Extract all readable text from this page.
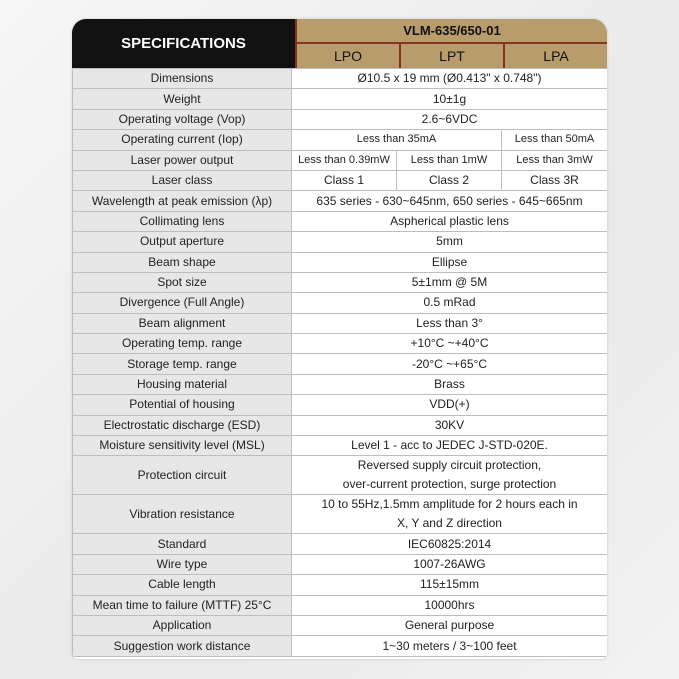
SPECIFICATIONS
VLM-635/650-01
LPO	LPT	LPA
Dimensions	Ø10.5 x 19 mm (Ø0.413" x 0.748")		
Weight	10±1g		
Operating voltage (Vop)	2.6~6VDC		
Operating current (Iop)	Less than 35mA		Less than 50mA
Laser power output	Less than 0.39mW	Less than 1mW	Less than 3mW
Laser class	Class 1	Class 2	Class 3R
Wavelength at peak emission (λp)	635 series - 630~645nm, 650 series - 645~665nm		
Collimating lens	Aspherical plastic lens		
Output aperture	5mm		
Beam shape	Ellipse		
Spot size	5±1mm @ 5M		
Divergence (Full Angle)	0.5 mRad		
Beam alignment	Less than 3°		
Operating temp. range	+10°C ~+40°C		
Storage temp. range	-20°C ~+65°C		
Housing material	Brass		
Potential of housing	VDD(+)		
Electrostatic discharge (ESD)	30KV		
Moisture sensitivity level (MSL)	Level 1 - acc to JEDEC J-STD-020E.		
Protection circuit	Reversed supply circuit protection,
over-current protection, surge protection		

Vibration resistance	10 to 55Hz,1.5mm amplitude for 2 hours each in
X, Y and Z direction		

Standard	IEC60825:2014		
Wire type	1007-26AWG		
Cable length	115±15mm		
Mean time to failure (MTTF) 25°C	10000hrs		
Application	General purpose		
Suggestion work distance	1~30 meters / 3~100 feet		
